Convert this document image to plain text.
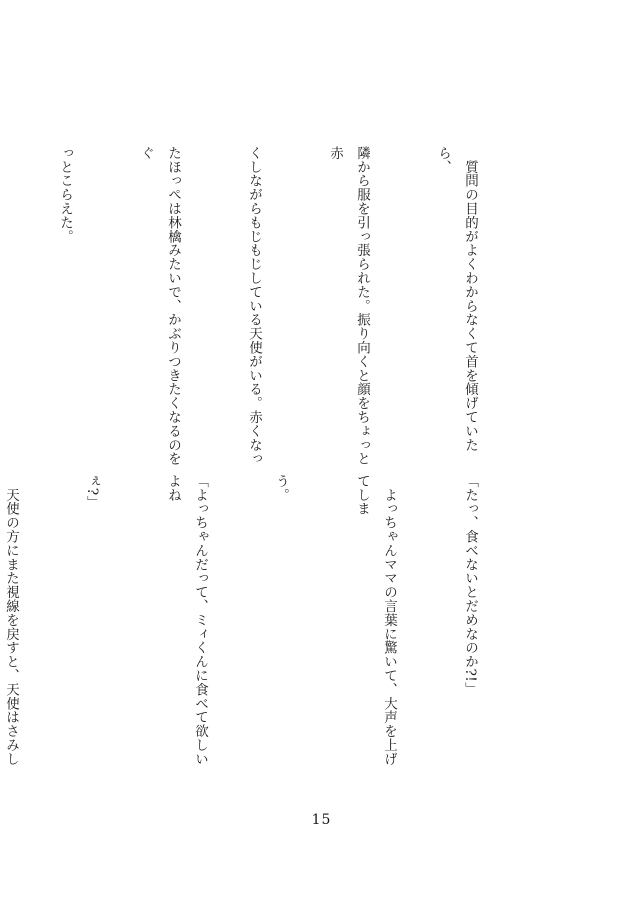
　質問の目的がよくわからなくて首を傾げていたら、

隣から服を引っ張られた。振り向くと顔をちょっと赤

くしながらもじもじしている天使がいる。赤くなっ

たほっぺは林檎みたいで、かぶりつきたくなるのをぐ

っとこらえた。

「たっ、食べないとだめなのか?!」

　よっちゃんママの言葉に驚いて、大声を上げてしま

う。

「よっちゃんだって、ミィくんに食べて欲しいよね

ぇ?」

　天使の方にまた視線を戻すと、天使はさみし

15
